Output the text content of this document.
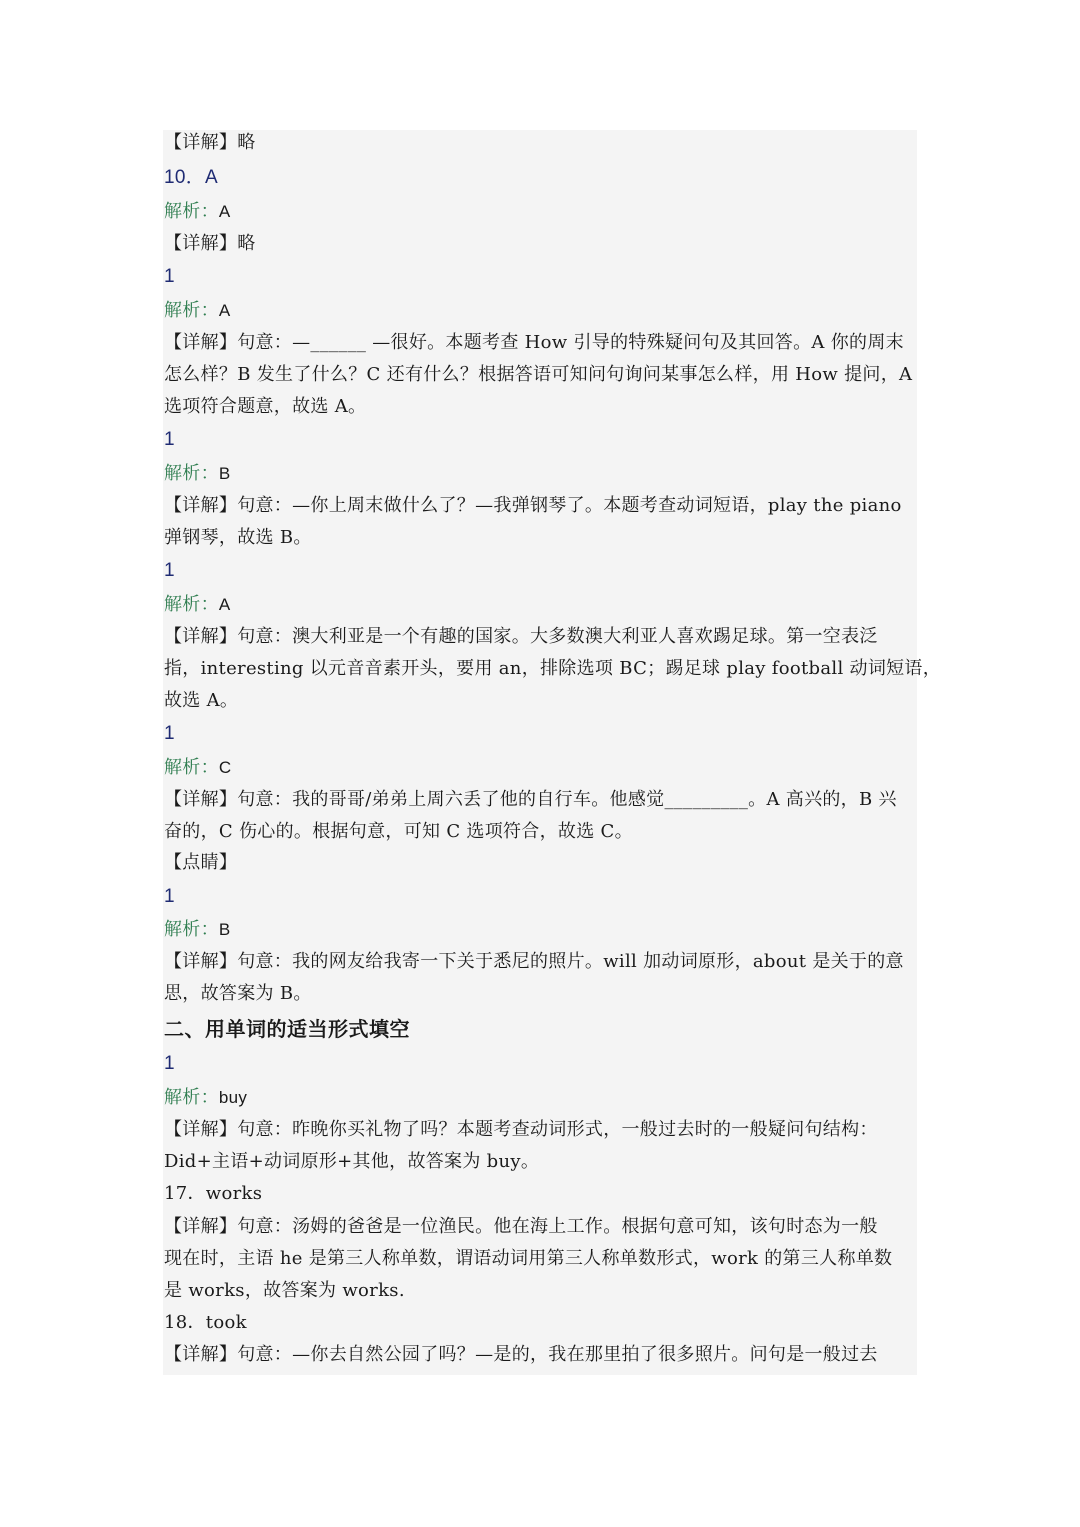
【详解】略
10．A
解析：A
【详解】略
1
解析：A
【详解】句意：—______ —很好。本题考查 How 引导的特殊疑问句及其回答。A 你的周末
怎么样？B 发生了什么？C 还有什么？根据答语可知问句询问某事怎么样，用 How 提问，A
选项符合题意，故选 A。
1
解析：B
【详解】句意：—你上周末做什么了？—我弹钢琴了。本题考查动词短语，play the piano
弹钢琴，故选 B。
1
解析：A
【详解】句意：澳大利亚是一个有趣的国家。大多数澳大利亚人喜欢踢足球。第一空表泛
指，interesting 以元音音素开头，要用 an，排除选项 BC；踢足球 play football 动词短语，
故选 A。
1
解析：C
【详解】句意：我的哥哥/弟弟上周六丢了他的自行车。他感觉_________。A 高兴的，B 兴
奋的，C 伤心的。根据句意，可知 C 选项符合，故选 C。
【点睛】
1
解析：B
【详解】句意：我的网友给我寄一下关于悉尼的照片。will 加动词原形，about 是关于的意
思，故答案为 B。
二、用单词的适当形式填空
1
解析：buy
【详解】句意：昨晚你买礼物了吗？本题考查动词形式，一般过去时的一般疑问句结构：
Did+主语+动词原形+其他，故答案为 buy。
17．works
【详解】句意：汤姆的爸爸是一位渔民。他在海上工作。根据句意可知，该句时态为一般
现在时，主语 he 是第三人称单数，谓语动词用第三人称单数形式，work 的第三人称单数
是 works，故答案为 works.
18．took
【详解】句意：—你去自然公园了吗？—是的，我在那里拍了很多照片。问句是一般过去
